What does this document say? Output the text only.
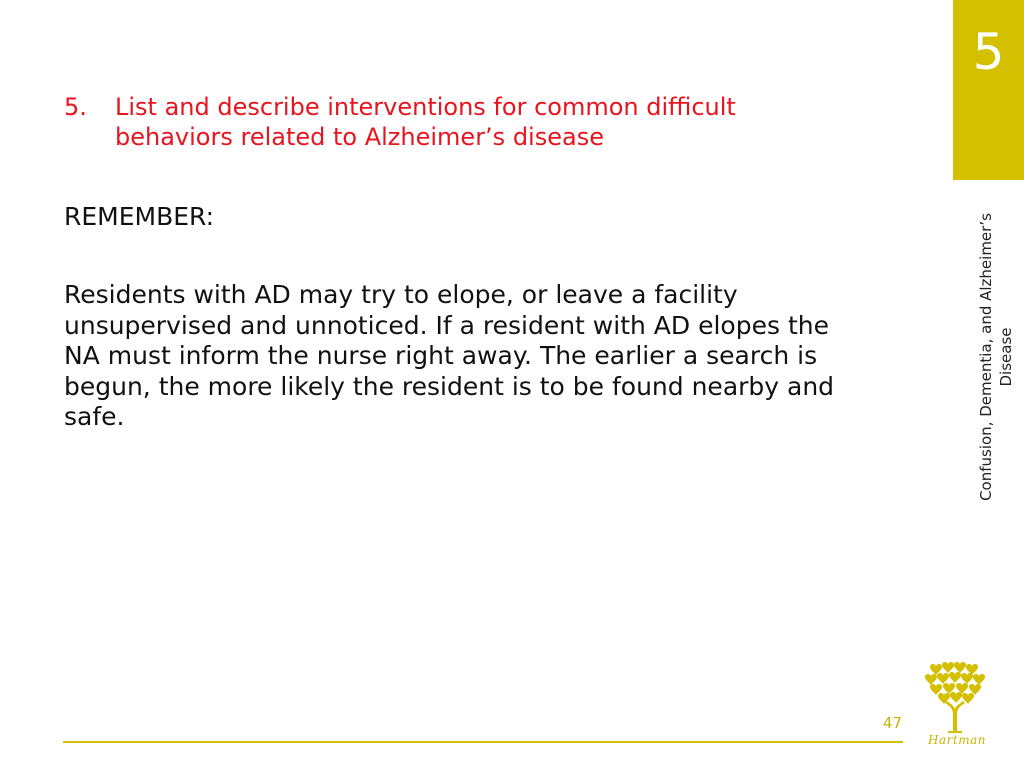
5
Confusion, Dementia, and Alzheimer’s Disease
5.	List and describe interventions for common difficult
behaviors related to Alzheimer’s disease
REMEMBER:
Residents with AD may try to elope, or leave a facility
unsupervised and unnoticed. If a resident with AD elopes the
NA must inform the nurse right away. The earlier a search is
begun, the more likely the resident is to be found nearby and
safe.
47
Hartman
